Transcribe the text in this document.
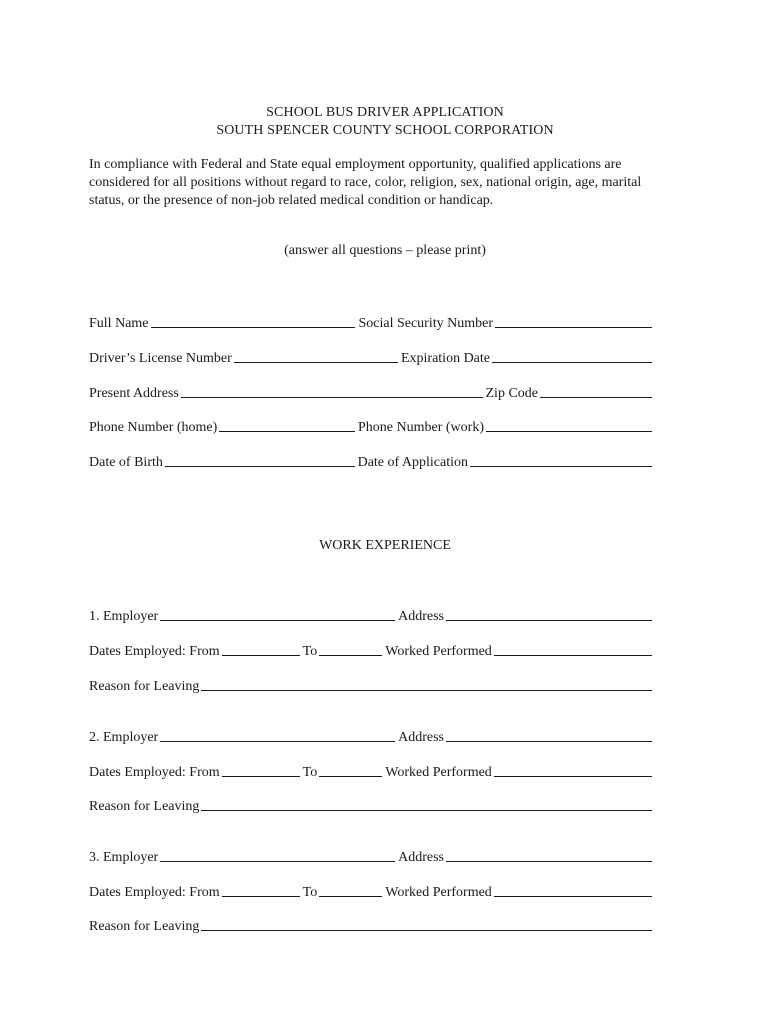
SCHOOL BUS DRIVER APPLICATION
SOUTH SPENCER COUNTY SCHOOL CORPORATION
In compliance with Federal and State equal employment opportunity, qualified applications are considered for all positions without regard to race, color, religion, sex, national origin, age, marital status, or the presence of non-job related medical condition or handicap.
(answer all questions – please print)
Full Name	Social Security Number
Driver’s License Number	Expiration Date
Present Address	Zip Code
Phone Number (home)	Phone Number (work)
Date of Birth	Date of Application
WORK EXPERIENCE
1. Employer	Address
Dates Employed: From	To	Worked Performed
Reason for Leaving
2. Employer	Address
Dates Employed: From	To	Worked Performed
Reason for Leaving
3. Employer	Address
Dates Employed: From	To	Worked Performed
Reason for Leaving
